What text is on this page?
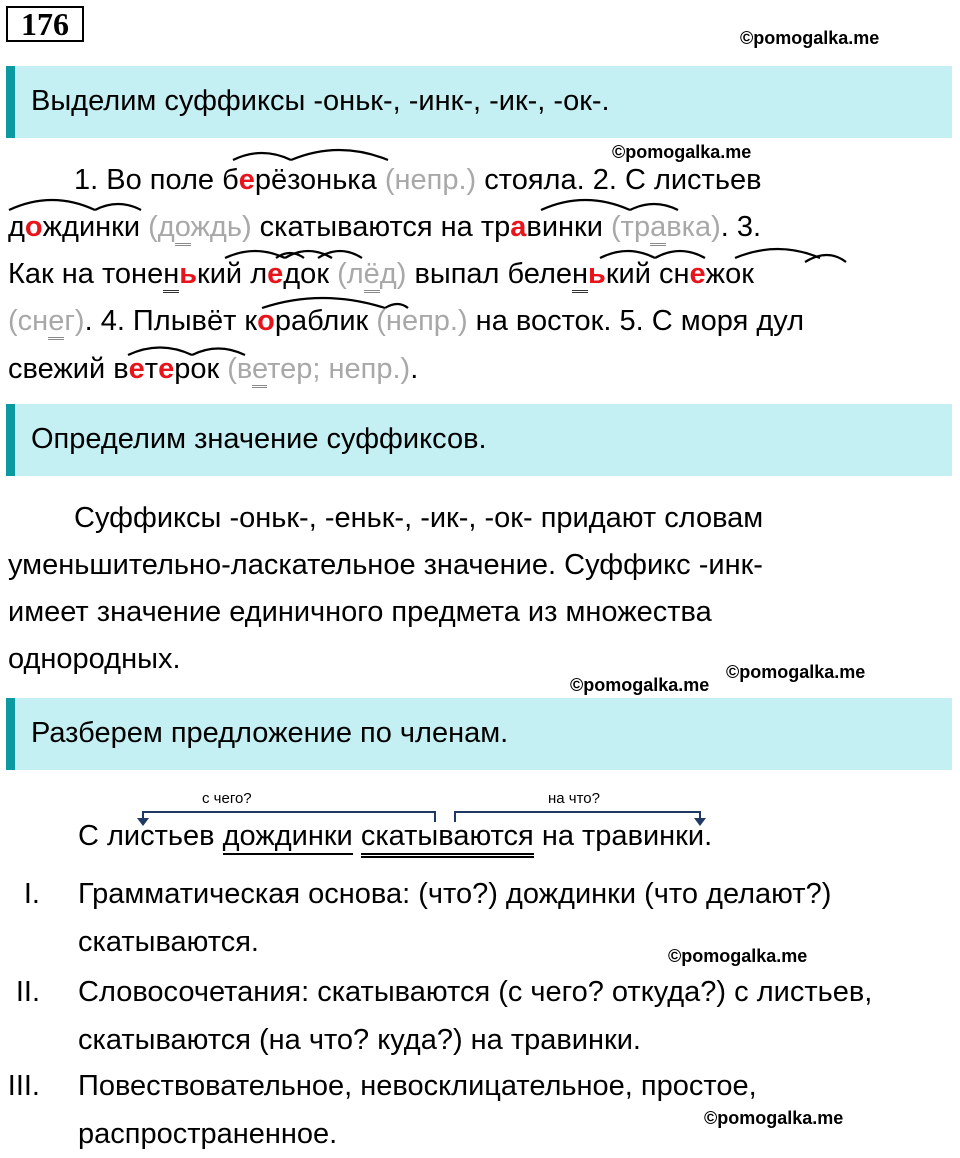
176	©pomogalka.me
Выделим суффиксы -оньк-, -инк-, -ик-, -ок-.
©pomogalka.me
1. Во поле берёзонька (непр.) стояла. 2. С листьев
дождинки (дождь) скатываются на травинки (травка). 3.
Как на тоненький ледок (лёд) выпал беленький снежок
(снег). 4. Плывёт кораблик (непр.) на восток. 5. С моря дул
свежий ветерок (ветер; непр.).
Определим значение суффиксов.
Суффиксы -оньк-, -еньк-, -ик-, -ок- придают словам
уменьшительно-ласкательное значение. Суффикс -инк-
имеет значение единичного предмета из множества
однородных.
©pomogalka.me
©pomogalka.me
Разберем предложение по членам.
с чего?	на что?
С листьев дождинки скатываются на травинки.
I. Грамматическая основа: (что?) дождинки (что делают?) скатываются.	©pomogalka.me
II. Словосочетания: скатываются (с чего? откуда?) с листьев, скатываются (на что? куда?) на травинки.
III. Повествовательное, невосклицательное, простое, распространенное.	©pomogalka.me
